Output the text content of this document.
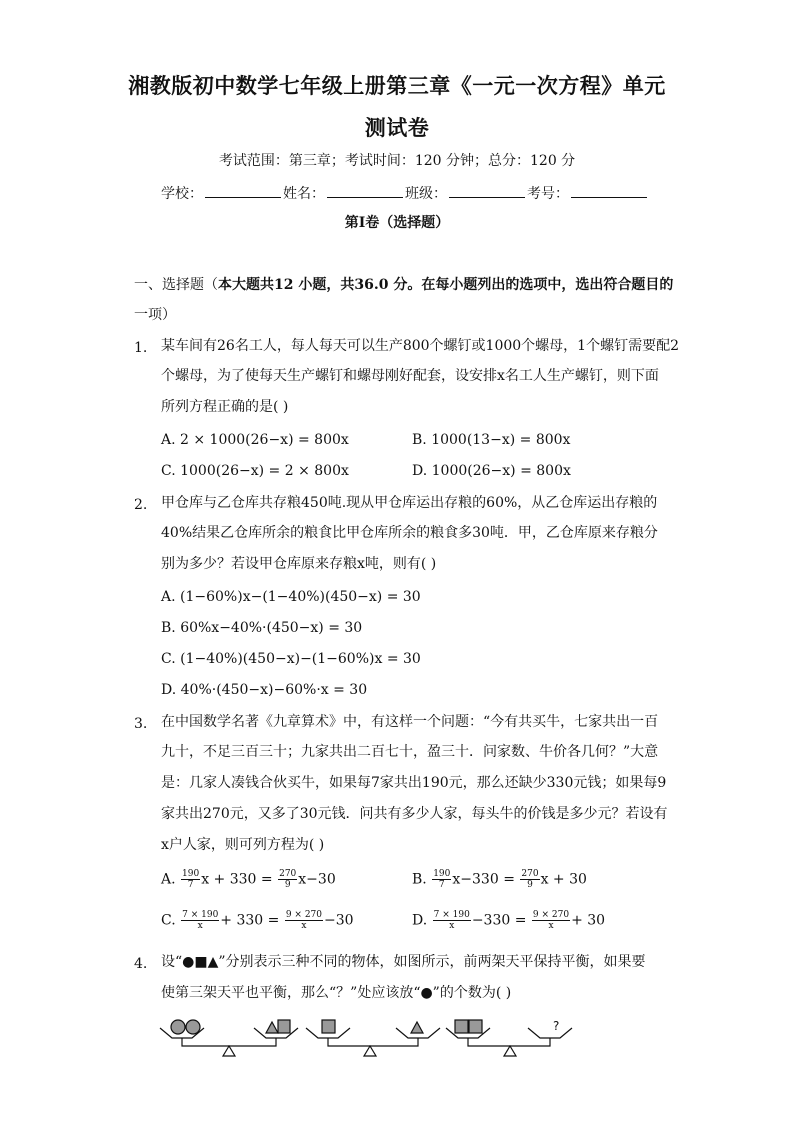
湘教版初中数学七年级上册第三章《一元一次方程》单元
测试卷
考试范围：第三章；考试时间：120 分钟；总分：120 分
学校：	姓名：	班级：	考号：
第I卷（选择题）
一、选择题（本大题共12 小题，共36.0 分。在每小题列出的选项中，选出符合题目的
一项）
1. 某车间有26名工人，每人每天可以生产800个螺钉或1000个螺母，1个螺钉需要配2
个螺母，为了使每天生产螺钉和螺母刚好配套，设安排x名工人生产螺钉，则下面
所列方程正确的是( )
A. 2 × 1000(26−x) = 800x	B. 1000(13−x) = 800x
C. 1000(26−x) = 2 × 800x	D. 1000(26−x) = 800x
2. 甲仓库与乙仓库共存粮450吨.现从甲仓库运出存粮的60%，从乙仓库运出存粮的
40%结果乙仓库所余的粮食比甲仓库所余的粮食多30吨．甲，乙仓库原来存粮分
别为多少？若设甲仓库原来存粮x吨，则有( )
A. (1−60%)x−(1−40%)(450−x) = 30
B. 60%x−40%·(450−x) = 30
C. (1−40%)(450−x)−(1−60%)x = 30
D. 40%·(450−x)−60%·x = 30
3. 在中国数学名著《九章算术》中，有这样一个问题：“今有共买牛，七家共出一百
九十，不足三百三十；九家共出二百七十，盈三十．问家数、牛价各几何？”大意
是：几家人凑钱合伙买牛，如果每7家共出190元，那么还缺少330元钱；如果每9
家共出270元，又多了30元钱．问共有多少人家，每头牛的价钱是多少元？若设有
x户人家，则可列方程为( )
A. $\frac{190}{7}$ $x + 330 = \frac{270}{9} x-30$	B. $\frac{190}{7} x-330 = \frac{270}{9}$ x + 30
C. $\frac{7 \times 190}{x} + 330 = \frac{9 \times 270}{x} -30$	D. $\frac{7 \times 190}{x} -330 = \frac{9 \times 270}{x} + 30$
4. 设“●■▲”分别表示三种不同的物体，如图所示，前两架天平保持平衡，如果要
使第三架天平也平衡，那么“？”处应该放“●”的个数为( )
?
